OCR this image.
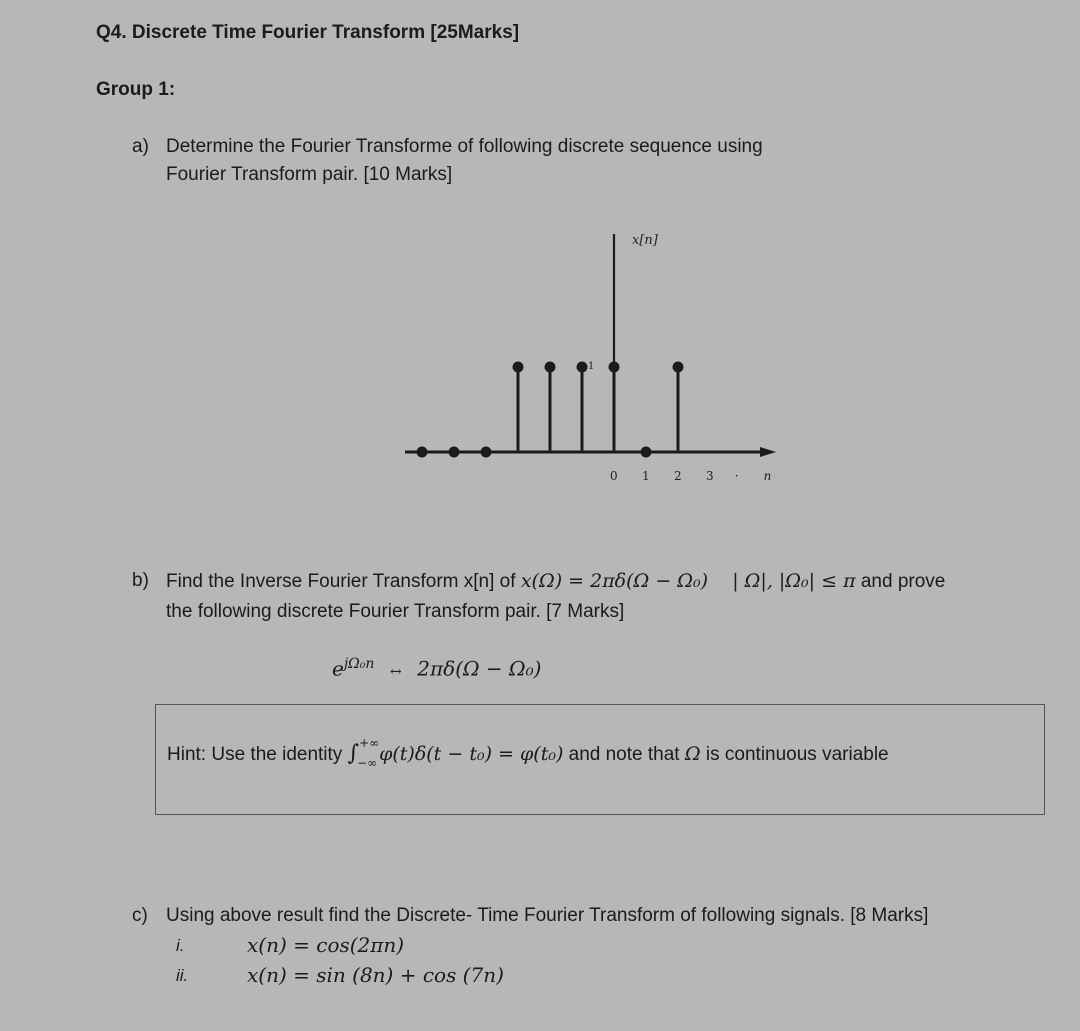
Q4. Discrete Time Fourier Transform [25Marks]
Group 1:
a) Determine the Fourier Transforme of following discrete sequence using
Fourier Transform pair. [10 Marks]
x[n]
1
0 1 2 3 · n
b) Find the Inverse Fourier Transform x[n] of x(Ω) = 2πδ(Ω − Ω₀)    | Ω|, |Ω₀| ≤ π and prove
the following discrete Fourier Transform pair. [7 Marks]
$e^{j\Omega_0n}$ ↔ 2πδ(Ω − Ω₀)
Hint: Use the identity ∫ +∞
−∞ φ(t)δ(t − t₀) = φ(t₀) and note that Ω is continuous variable
c) Using above result find the Discrete- Time Fourier Transform of following signals. [8 Marks]
i.	x(n) = cos(2πn)
ii.	x(n) = sin (8n) + cos (7n)
